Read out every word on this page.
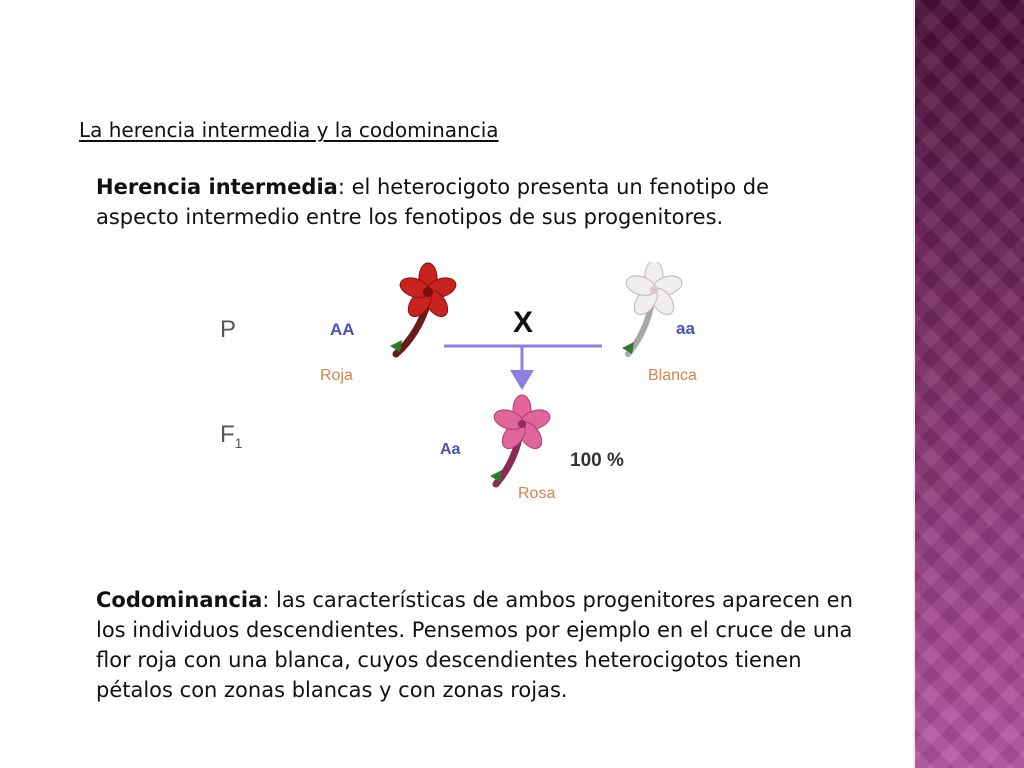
La herencia intermedia y la codominancia
Herencia intermedia: el heterocigoto presenta un fenotipo de aspecto intermedio entre los fenotipos de sus progenitores.
P
$F_1$
AA
Roja
X	aa
Blanca
Aa
100 %
Rosa
Codominancia: las características de ambos progenitores aparecen en los individuos descendientes. Pensemos por ejemplo en el cruce de una flor roja con una blanca, cuyos descendientes heterocigotos tienen pétalos con zonas blancas y con zonas rojas.
